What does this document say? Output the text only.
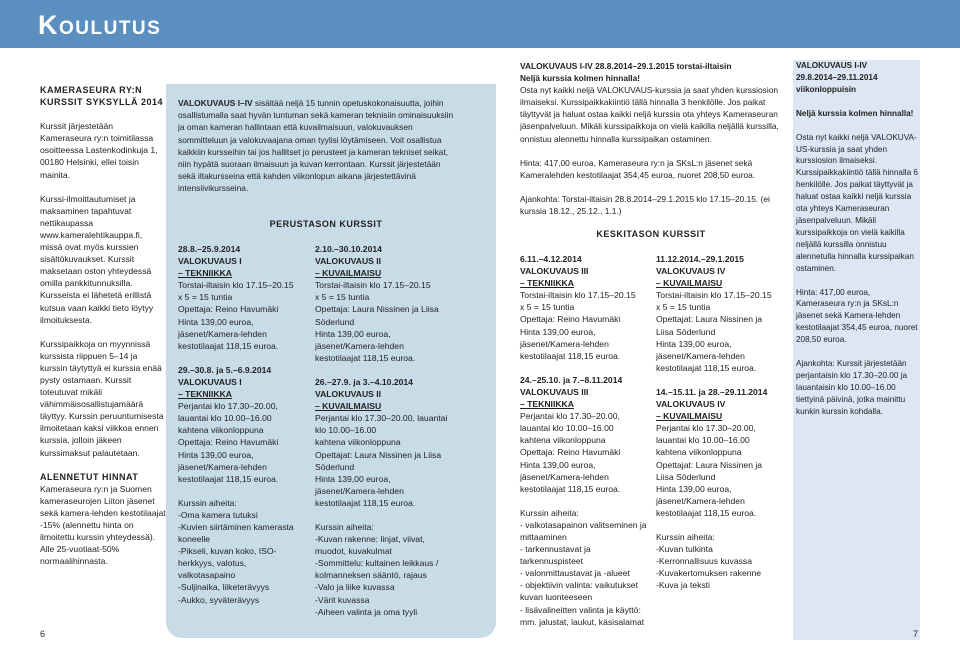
Koulutus
KAMERASEURA RY:N
KURSSIT SYKSYLLÄ 2014

Kurssit järjestetään Kameraseura ry:n toimitilassa osoitteessa Lastenkodinkuja 1, 00180 Helsinki, ellei toisin mainita.

Kurssi-ilmoittautumiset ja maksaminen tapahtuvat nettikaupassa www.kameralehtikauppa.fi, missä ovat myös kurssien sisältökuvaukset. Kurssit maksetaan oston yhteydessä omilla pankkitunnuksilla. Kursseista ei lähetetä erillistä kutsua vaan kaikki tieto löytyy ilmoituksesta.

Kurssipaikkoja on myynnissä kurssista riippuen 5–14 ja kurssin täytyttyä ei kurssia enää pysty ostamaan. Kurssit toteutuvat mikäli vähimmäisosallistujamäärä täyttyy. Kurssin peruuntumisesta ilmoitetaan kaksi viikkoa ennen kurssia, jolloin jäkeen kurssimaksut palautetaan.

ALENNETUT HINNAT

Kameraseura ry:n ja Suomen kameraseurojen Liiton jäsenet sekä kamera-lehden kestotilaajat -15% (alennettu hinta on ilmoitettu kurssin yhteydessä). Alle 25-vuotiaat-50% normaalihinnasta.

VALOKUVAUS I–IV sisältää neljä 15 tunnin opetuskokonaisuutta, joihin osallistumalla saat hyvän tuntuman sekä kameran teknisiin ominaisuuksiin ja oman kameran hallintaan että kuvailmaisuun, valokuvauksen sommitteluun ja valokuvaajana oman tyylisi löytämiseen. Voit osallistua kaikkiin kursseihin tai jos hallitset jo perusteet ja kameran tekniset seikat, niin hypätä suoraan ilmaisuun ja kuvan kerrontaan. Kurssit järjestetään sekä iltakursseina että kahden viikonlopun aikana järjestettävinä intensiivikursseina.
PERUSTASON KURSSIT
28.8.–25.9.2014
VALOKUVAUS I
– TEKNIIKKA
Torstai-iltaisin klo 17.15–20.15
x 5 = 15 tuntia
Opettaja: Reino Havumäki
Hinta 139,00 euroa, jäsenet/Kamera-lehden kestotilaajat 118,15 euroa.
29.–30.8. ja 5.–6.9.2014
VALOKUVAUS I
– TEKNIIKKA
Perjantai klo 17.30–20.00,
lauantai klo 10.00–16.00
kahtena viikonloppuna
Opettaja: Reino Havumäki
Hinta 139,00 euroa, jäsenet/Kamera-lehden kestotilaajat 118,15 euroa.
Kurssin aiheita:
-Oma kamera tutuksi
-Kuvien siirtäminen kamerasta koneelle
-Pikseli, kuvan koko, ISO-herkkyys, valotus, valkotasapaino
-Suljinaika, liiketerävyys
-Aukko, syväterävyys
2.10.–30.10.2014
VALOKUVAUS II
– KUVAILMAISU
Torstai-iltaisin klo 17.15–20.15
x 5 = 15 tuntia
Opettaja: Laura Nissinen ja Liisa Söderlund
Hinta 139,00 euroa, jäsenet/Kamera-lehden kestotilaajat 118,15 euroa.
26.–27.9. ja 3.–4.10.2014
VALOKUVAUS II
– KUVAILMAISU
Perjantai klo 17.30–20.00, lauantai klo 10.00–16.00
kahtena viikonloppuna
Opettajat: Laura Nissinen ja Liisa Söderlund
Hinta 139,00 euroa, jäsenet/Kamera-lehden kestotilaajat 118,15 euroa.
Kurssin aiheita:
-Kuvan rakenne: linjat, viivat, muodot, kuvakulmat
-Sommittelu: kultainen leikkaus / kolmanneksen sääntö, rajaus
-Valo ja liike kuvassa
-Värit kuvassa
-Aiheen valinta ja oma tyyli
VALOKUVAUS I-IV 28.8.2014–29.1.2015 torstai-iltaisin
Neljä kurssia kolmen hinnalla!

Osta nyt kaikki neljä VALOKUVAUS-kurssia ja saat yhden kurssiosion ilmaiseksi. Kurssipaikkakiintiö tällä hinnalla 3 henkilölle. Jos paikat täyttyvät ja haluat ostaa kaikki neljä kurssia ota yhteys Kameraseuran jäsenpalveluun. Mikäli kurssipaikkoja on vielä kaikilla neljällä kurssilla, onnistuu alennettu hinnalla kurssipaikan ostaminen.

Hinta: 417,00 euroa, Kameraseura ry:n ja SKsL:n jäsenet sekä Kameralehden kestotilaajat 354,45 euroa, nuoret 208,50 euroa.

Ajankohta: Torstai-iltaisin 28.8.2014–29.1.2015 klo 17.15–20.15. (ei kurssia 18.12., 25.12., 1.1.)

KESKITASON KURSSIT
6.11.–4.12.2014
VALOKUVAUS III
– TEKNIIKKA
Torstai-iltaisin klo 17.15–20.15
x 5 = 15 tuntia
Opettaja: Reino Havumäki
Hinta 139,00 euroa, jäsenet/Kamera-lehden kestotilaajat 118,15 euroa.
24.–25.10. ja 7.–8.11.2014
VALOKUVAUS III
– TEKNIIKKA
Perjantai klo 17.30–20.00, lauantai klo 10.00–16.00
kahtena viikonloppuna
Opettaja: Reino Havumäki
Hinta 139,00 euroa, jäsenet/Kamera-lehden kestotilaajat 118,15 euroa.
Kurssin aiheita:
- valkotasapainon valitseminen ja mittaaminen
- tarkennustavat ja tarkennuspisteet
- valonmittaustavat ja -alueet
- objektiivin valinta: vaikutukset kuvan luonteeseen
- lisävalineitten valinta ja käyttö: mm. jalustat, laukut, käsisalamat
11.12.2014.–29.1.2015
VALOKUVAUS IV
– KUVAILMAISU
Torstai-iltaisin klo 17.15–20.15
x 5 = 15 tuntia
Opettajat: Laura Nissinen ja Liisa Söderlund
Hinta 139,00 euroa, jäsenet/Kamera-lehden kestotilaajat 118,15 euroa.
14.–15.11. ja 28.–29.11.2014
VALOKUVAUS IV
– KUVAILMAISU
Perjantai klo 17.30–20.00,
lauantai klo 10.00–16.00
kahtena viikonloppuna
Opettajat: Laura Nissinen ja Liisa Söderlund
Hinta 139,00 euroa, jäsenet/Kamera-lehden kestotilaajat 118,15 euroa.
Kurssin aiheita:
-Kuvan tulkinta
-Kerronnallisuus kuvassa
-Kuvakertomuksen rakenne
-Kuva ja teksti
VALOKUVAUS I-IV
29.8.2014–29.11.2014
viikonloppuisin
Neljä kurssia kolmen hinnalla!

Osta nyt kaikki neljä VALOKUVA-US-kurssia ja saat yhden kurssiosion ilmaiseksi. Kurssipaikkakiintiö tällä hinnalla 6 henkilölle. Jos paikat täyttyvät ja haluat ostaa kaikki neljä kurssia ota yhteys Kameraseuran jäsenpalveluun. Mikäli kurssipaikkoja on vielä kaikilla neljällä kurssilla onnistuu alennetulla hinnalla kurssipaikan ostaminen.

Hinta: 417,00 euroa, Kameraseura ry:n ja SKsL:n jäsenet sekä Kamera-lehden kestotilaajat 354,45 euroa, nuoret 208,50 euroa.

Ajankohta: Kurssit järjestetään perjantaisin klo 17.30–20.00 ja lauantaisin klo 10.00–16.00 tiettyinä päivinä, jotka mainittu kunkin kurssin kohdalla.

6	7
